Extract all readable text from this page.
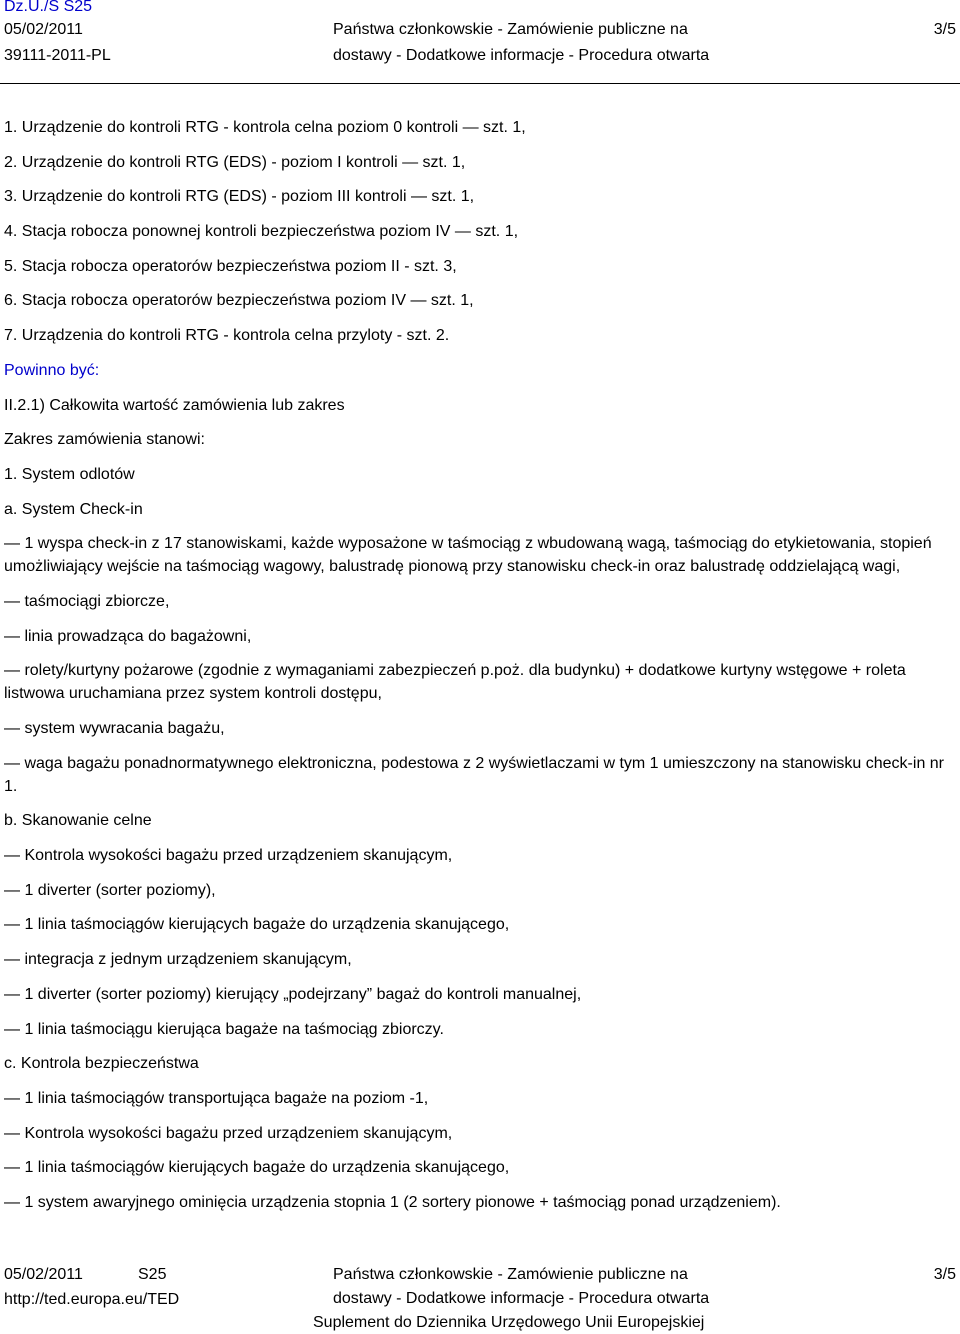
Dz.U./S S25
05/02/2011
39111-2011-PL
Państwa członkowskie - Zamówienie publiczne na
dostawy - Dodatkowe informacje - Procedura otwarta
3/5

1. Urządzenie do kontroli RTG - kontrola celna poziom 0 kontroli — szt. 1,

2. Urządzenie do kontroli RTG (EDS) - poziom I kontroli — szt. 1,

3. Urządzenie do kontroli RTG (EDS) - poziom III kontroli — szt. 1,

4. Stacja robocza ponownej kontroli bezpieczeństwa poziom IV — szt. 1,

5. Stacja robocza operatorów bezpieczeństwa poziom II - szt. 3,

6. Stacja robocza operatorów bezpieczeństwa poziom IV — szt. 1,

7. Urządzenia do kontroli RTG - kontrola celna przyloty - szt. 2.

Powinno być:

II.2.1) Całkowita wartość zamówienia lub zakres

Zakres zamówienia stanowi:

1. System odlotów

a. System Check-in

— 1 wyspa check-in z 17 stanowiskami, każde wyposażone w taśmociąg z wbudowaną wagą, taśmociąg do etykietowania, stopień umożliwiający wejście na taśmociąg wagowy, balustradę pionową przy stanowisku check-in oraz balustradę oddzielającą wagi,

— taśmociągi zbiorcze,

— linia prowadząca do bagażowni,

— rolety/kurtyny pożarowe (zgodnie z wymaganiami zabezpieczeń p.poż. dla budynku) + dodatkowe kurtyny wstęgowe + roleta listwowa uruchamiana przez system kontroli dostępu,

— system wywracania bagażu,

— waga bagażu ponadnormatywnego elektroniczna, podestowa z 2 wyświetlaczami w tym 1 umieszczony na stanowisku check-in nr 1.

b. Skanowanie celne

— Kontrola wysokości bagażu przed urządzeniem skanującym,

— 1 diverter (sorter poziomy),

— 1 linia taśmociągów kierujących bagaże do urządzenia skanującego,

— integracja z jednym urządzeniem skanującym,

— 1 diverter (sorter poziomy) kierujący „podejrzany” bagaż do kontroli manualnej,

— 1 linia taśmociągu kierująca bagaże na taśmociąg zbiorczy.

c. Kontrola bezpieczeństwa

— 1 linia taśmociągów transportująca bagaże na poziom -1,

— Kontrola wysokości bagażu przed urządzeniem skanującym,

— 1 linia taśmociągów kierujących bagaże do urządzenia skanującego,

— 1 system awaryjnego ominięcia urządzenia stopnia 1 (2 sortery pionowe + taśmociąg ponad urządzeniem).

05/02/2011	S25
http://ted.europa.eu/TED
Państwa członkowskie - Zamówienie publiczne na
dostawy - Dodatkowe informacje - Procedura otwarta
Suplement do Dziennika Urzędowego Unii Europejskiej
3/5
